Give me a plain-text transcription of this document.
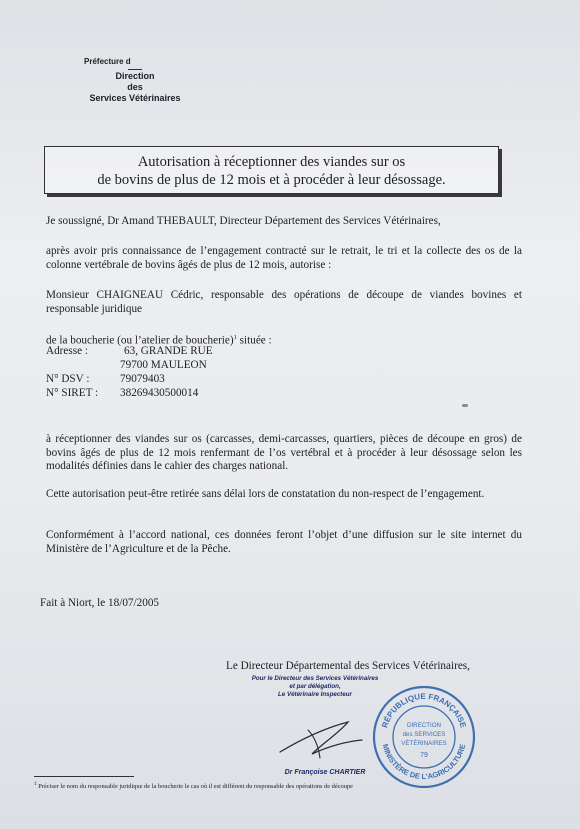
Préfecture d
Direction
des
Services Vétérinaires
Autorisation à réceptionner des viandes sur os
de bovins de plus de 12 mois et à procéder à leur désossage.
Je soussigné, Dr Amand THEBAULT, Directeur Département des Services Vétérinaires,
après avoir pris connaissance de l’engagement contracté sur le retrait, le tri et la collecte des os de la colonne vertébrale de bovins âgés de plus de 12 mois, autorise :
Monsieur CHAIGNEAU Cédric, responsable des opérations de découpe de viandes bovines et responsable juridique
de la boucherie (ou l’atelier de boucherie)$^1$ située :
Adresse :	63, GRANDE RUE
79700 MAULEON
N° DSV :	79079403
N° SIRET : 38269430500014
à réceptionner des viandes sur os (carcasses, demi-carcasses, quartiers, pièces de découpe en gros) de bovins âgés de plus de 12 mois renfermant de l’os vertébral et à procéder à leur désossage selon les modalités définies dans le cahier des charges national.
Cette autorisation peut-être retirée sans délai lors de constatation du non-respect de l’engagement.
Conformément à l’accord national, ces données feront l’objet d’une diffusion sur le site internet du Ministère de l’Agriculture et de la Pêche.
Fait à Niort, le 18/07/2005
Le Directeur Départemental des Services Vétérinaires,
Pour le Directeur des Services Vétérinaires
et par délégation,
Le Vétérinaire Inspecteur
Dr Françoise CHARTIER
RÉPUBLIQUE FRANÇAISE
MINISTÈRE DE L'AGRICULTURE
DIRECTION
des SERVICES
VÉTÉRINAIRES
79
$^1$ Préciser le nom du responsable juridique de la boucherie le cas où il est différent du responsable des opérations de découpe
